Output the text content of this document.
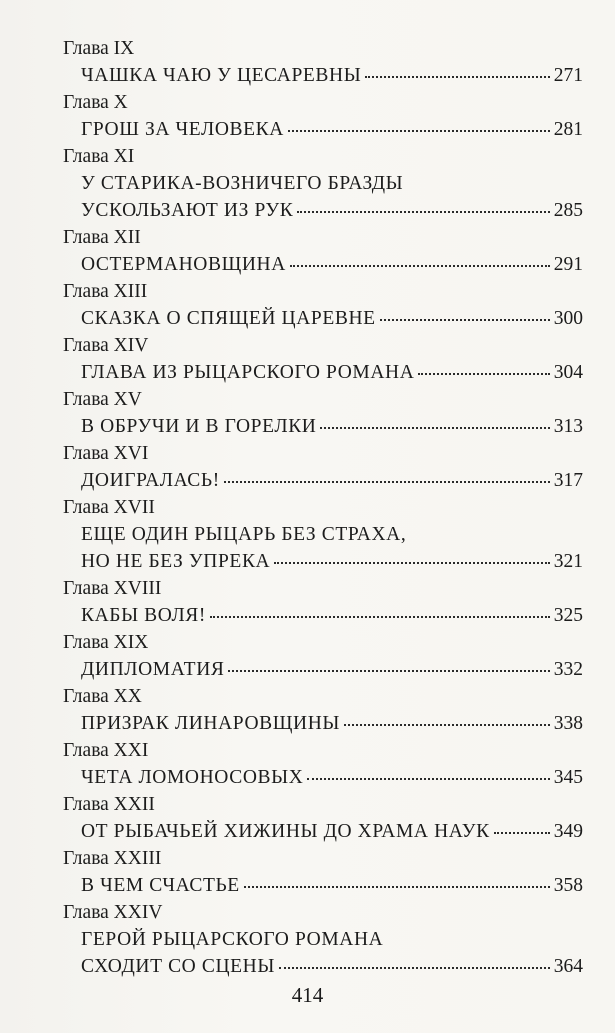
Глава IX
ЧАШКА ЧАЮ У ЦЕСАРЕВНЫ	271
Глава X
ГРОШ ЗА ЧЕЛОВЕКА	281
Глава XI
У СТАРИКА-ВОЗНИЧЕГО БРАЗДЫ
УСКОЛЬЗАЮТ ИЗ РУК	285
Глава XII
ОСТЕРМАНОВЩИНА	291
Глава XIII
СКАЗКА О СПЯЩЕЙ ЦАРЕВНЕ	300
Глава XIV
ГЛАВА ИЗ РЫЦАРСКОГО РОМАНА	304
Глава XV
В ОБРУЧИ И В ГОРЕЛКИ	313
Глава XVI
ДОИГРАЛАСЬ!	317
Глава XVII
ЕЩЕ ОДИН РЫЦАРЬ БЕЗ СТРАХА,
НО НЕ БЕЗ УПРЕКА	321
Глава XVIII
КАБЫ ВОЛЯ!	325
Глава XIX
ДИПЛОМАТИЯ	332
Глава XX
ПРИЗРАК ЛИНАРОВЩИНЫ	338
Глава XXI
ЧЕТА ЛОМОНОСОВЫХ	345
Глава XXII
ОТ РЫБАЧЬЕЙ ХИЖИНЫ ДО ХРАМА НАУК	349
Глава XXIII
В ЧЕМ СЧАСТЬЕ	358
Глава XXIV
ГЕРОЙ РЫЦАРСКОГО РОМАНА
СХОДИТ СО СЦЕНЫ	364
414
